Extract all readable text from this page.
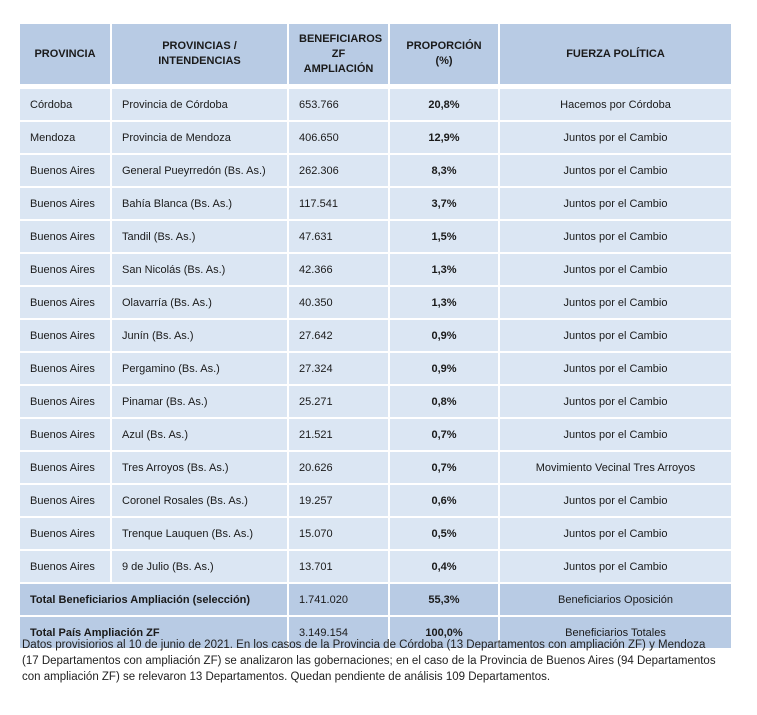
PROVINCIA	PROVINCIAS / INTENDENCIAS	BENEFICIAROS ZF AMPLIACIÓN	PROPORCIÓN (%)	FUERZA POLÍTICA
Córdoba	Provincia de Córdoba	653.766	20,8%	Hacemos por Córdoba
Mendoza	Provincia de Mendoza	406.650	12,9%	Juntos por el Cambio
Buenos Aires	General Pueyrredón (Bs. As.)	262.306	8,3%	Juntos por el Cambio
Buenos Aires	Bahía Blanca (Bs. As.)	117.541	3,7%	Juntos por el Cambio
Buenos Aires	Tandil (Bs. As.)	47.631	1,5%	Juntos por el Cambio
Buenos Aires	San Nicolás (Bs. As.)	42.366	1,3%	Juntos por el Cambio
Buenos Aires	Olavarría (Bs. As.)	40.350	1,3%	Juntos por el Cambio
Buenos Aires	Junín (Bs. As.)	27.642	0,9%	Juntos por el Cambio
Buenos Aires	Pergamino (Bs. As.)	27.324	0,9%	Juntos por el Cambio
Buenos Aires	Pinamar (Bs. As.)	25.271	0,8%	Juntos por el Cambio
Buenos Aires	Azul (Bs. As.)	21.521	0,7%	Juntos por el Cambio
Buenos Aires	Tres Arroyos (Bs. As.)	20.626	0,7%	Movimiento Vecinal Tres Arroyos
Buenos Aires	Coronel Rosales (Bs. As.)	19.257	0,6%	Juntos por el Cambio
Buenos Aires	Trenque Lauquen (Bs. As.)	15.070	0,5%	Juntos por el Cambio
Buenos Aires	9 de Julio (Bs. As.)	13.701	0,4%	Juntos por el Cambio
Total Beneficiarios Ampliación (selección)		1.741.020	55,3%	Beneficiarios Oposición
Total País Ampliación ZF		3.149.154	100,0%	Beneficiarios Totales
Datos provisiorios al 10 de junio de 2021. En los casos de la Provincia de Córdoba (13 Departamentos con ampliación ZF) y Mendoza (17 Departamentos con ampliación ZF) se analizaron las gobernaciones; en el caso de la Provincia de Buenos Aires (94 Departamentos con ampliación ZF) se relevaron 13 Departamentos. Quedan pendiente de análisis 109 Departamentos.
